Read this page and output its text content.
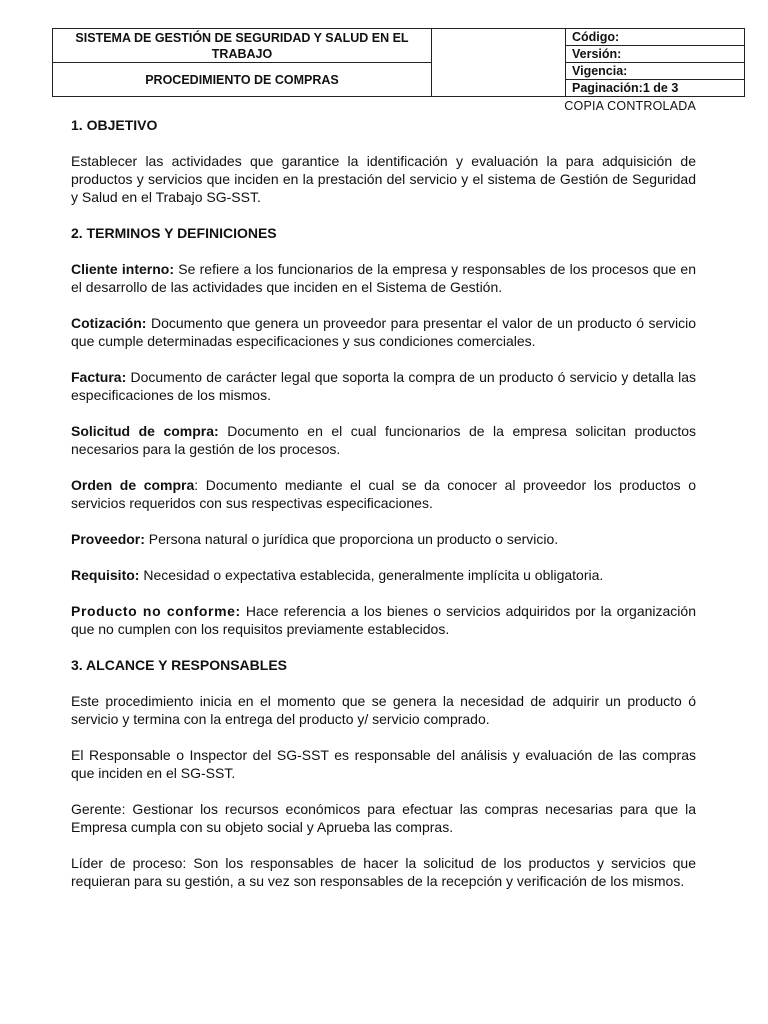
SISTEMA DE GESTIÓN DE SEGURIDAD Y SALUD EN EL TRABAJO		Código:
		Versión:
PROCEDIMIENTO DE COMPRAS		Vigencia:
		Paginación:1 de 3
COPIA CONTROLADA

1. OBJETIVO

Establecer las actividades que garantice la identificación y evaluación la para adquisición de productos y servicios que inciden en la prestación del servicio y el sistema de Gestión de Seguridad y Salud en el Trabajo SG-SST.

2. TERMINOS Y DEFINICIONES

Cliente interno: Se refiere a los funcionarios de la empresa y responsables de los procesos que en el desarrollo de las actividades que inciden en el Sistema de Gestión.

Cotización: Documento que genera un proveedor para presentar el valor de un producto ó servicio que cumple determinadas especificaciones y sus condiciones comerciales.

Factura: Documento de carácter legal que soporta la compra de un producto ó servicio y detalla las especificaciones de los mismos.

Solicitud de compra: Documento en el cual funcionarios de la empresa solicitan productos necesarios para la gestión de los procesos.

Orden de compra: Documento mediante el cual se da conocer al proveedor los productos o servicios requeridos con sus respectivas especificaciones.

Proveedor: Persona natural o jurídica que proporciona un producto o servicio.

Requisito: Necesidad o expectativa establecida, generalmente implícita u obligatoria.

Producto no conforme: Hace referencia a los bienes o servicios adquiridos por la organización que no cumplen con los requisitos previamente establecidos.

3. ALCANCE Y RESPONSABLES

Este procedimiento inicia en el momento que se genera la necesidad de adquirir un producto ó servicio y termina con la entrega del producto y/ servicio comprado.

El Responsable o Inspector del SG-SST es responsable del análisis y evaluación de las compras que inciden en el SG-SST.

Gerente: Gestionar los recursos económicos para efectuar las compras necesarias para que la Empresa cumpla con su objeto social y Aprueba las compras.

Líder de proceso: Son los responsables de hacer la solicitud de los productos y servicios que requieran para su gestión, a su vez son responsables de la recepción y verificación de los mismos.
